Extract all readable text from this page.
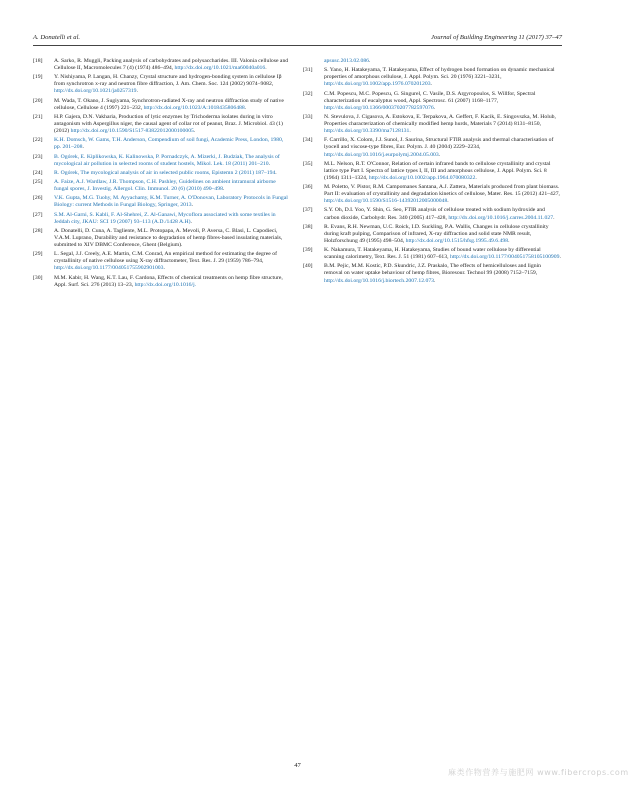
A. Donatelli et al.	Journal of Building Engineering 11 (2017) 37–47
[18] A. Sarko, R. Muggli, Packing analysis of carbohydrates and polysaccharides. III. Valonia cellulose and Cellulose II, Macromolecules 7 (4) (1974) 486–494, http://dx.doi.org/10.1021/ma60040a016.
[19] Y. Nishiyama, P. Langan, H. Chanzy, Crystal structure and hydrogen-bonding system in cellulose Iβ from synchrotron x-ray and neutron fibre diffraction, J. Am. Chem. Soc. 124 (2002) 9074–9082, http://dx.doi.org/10.1021/ja0257319.
[20] M. Wada, T. Okano, J. Sugiyama, Synchrotron-radiated X-ray and neutron diffraction study of native cellulose, Cellulose 4 (1997) 221–232, http://dx.doi.org/10.1023/A:1018435806488.
[21] H.P. Gajera, D.N. Vakharia, Production of lytic enzymes by Trichoderma isolates during in vitro antagonism with Aspergillus niger, the causal agent of collar rot of peanut, Braz. J. Microbiol. 43 (1) (2012) http://dx.doi.org/10.1590/S1517-83822012000100005.
[22] K.H. Domsch, W. Gams, T.H. Anderson, Compendium of soil fungi, Academic Press, London, 1980, pp. 201–208.
[23] B. Ogórek, E. Kiplikowska, K. Kalinowska, P. Pornadczyk, A. Mizerki, J. Budziak, The analysis of mycological air pollution in selected rooms of student hostels, Mikol. Lek. 18 (2011) 201–210.
[24] R. Ogórek, The mycological analysis of air in selected public rooms, Epistemn 2 (2011) 187–194.
[25] A. Faize, A.J. Wardlaw, J.R. Thompson, C.H. Pashley, Guidelines on ambient intramural airborne fungal spores, J. Investig. Allergol. Clin. Immunol. 20 (6) (2010) 490–498.
[26] V.K. Gupta, M.G. Tuohy, M. Ayyachamy, K.M. Turner, A. O'Donovan, Laboratory Protocols in Fungal Biology: current Methods in Fungal Biology, Springer, 2013.
[27] S.M. Al-Garni, S. Kabli, F. Al-Shehrei, Z. Al-Ganawi, Mycoflora associated with some textiles in Jeddah city, JKAU: SCI 19 (2007) 93–113 (A.D./1428 A.H).
[28] A. Donatelli, D. Cuna, A. Tagliente, M.L. Protopapa, A. Mevoli, P. Aversa, C. Blasi, L. Capodieci, V.A.M. Luprano, Durability and resistance to degradation of hemp fibres-based insulating materials, submitted to XIV DBMC Conference, Ghent (Belgium).
[29] L. Segal, J.J. Creely, A.E. Martin, C.M. Conrad, An empirical method for estimating the degree of crystallinity of native cellulose using X-ray diffractometer, Text. Res. J. 29 (1959) 786–794, http://dx.doi.org/10.1177/004051755902901003.
[30] M.M. Kabir, H. Wang, K.T. Lau, F. Cardona, Effects of chemical treatments on hemp fibre structure, Appl. Surf. Sci. 276 (2013) 13–23, http://dx.doi.org/10.1016/j.
apsusc.2013.02.086.
[31] S. Yano, H. Hatakeyama, T. Hatakeyama, Effect of hydrogen bond formation on dynamic mechanical properties of amorphous cellulose, J. Appl. Polym. Sci. 20 (1976) 3221–3231, http://dx.doi.org/10.1002/app.1976.070201203.
[32] C.M. Popescu, M.C. Popescu, G. Singurel, C. Vasile, D.S. Argyropoulos, S. Willfor, Spectral characterization of eucalyptus wood, Appl. Spectrosc. 61 (2007) 1168–1177, http://dx.doi.org/10.1366/000370207782597076.
[33] N. Stevulova, J. Cigasova, A. Estokova, E. Terpakova, A. Geffert, F. Kacik, E. Singovszka, M. Holub, Properties characterization of chemically modified hemp hurds, Materials 7 (2014) 8131–8150, http://dx.doi.org/10.3390/ma7128131.
[34] F. Carrillo, X. Colom, J.J. Sunol, J. Saurina, Structural FTIR analysis and thermal characterisation of lyocell and viscose-type fibres, Eur. Polym. J. 40 (2004) 2229–2234, http://dx.doi.org/10.1016/j.eurpolymj.2004.05.003.
[35] M.L. Nelson, R.T. O'Connor, Relation of certain infrared bands to cellulose crystallinity and crystal lattice type Part I. Spectra of lattice types I, II, III and amorphous cellulose, J. Appl. Polym. Sci. 8 (1964) 1311–1324, http://dx.doi.org/10.1002/app.1964.070080322.
[36] M. Poletto, V. Pistor, R.M. Campomanes Santana, A.J. Zattera, Materials produced from plant biomass. Part II: evaluation of crystallinity and degradation kinetics of cellulose, Mater. Res. 15 (2012) 421–427, http://dx.doi.org/10.1590/S1516-14392012005000048.
[37] S.Y. Oh, D.I. Yoo, Y. Shin, G. Seo, FTIR analysis of cellulose treated with sodium hydroxide and carbon dioxide, Carbohydr. Res. 340 (2005) 417–428, http://dx.doi.org/10.1016/j.carres.2004.11.027.
[38] R. Evans, R.H. Newman, U.C. Roick, I.D. Suckling, P.A. Wallis, Changes in cellulose crystallinity during kraft pulping, Comparison of infrared, X-ray diffraction and solid state NMR result, Holzforschung 49 (1995) 498–504, http://dx.doi.org/10.1515/hfsg.1995.49.6.498.
[39] K. Nakamura, T. Hatakeyama, H. Hatakeyama, Studies of bound water cellulose by differential scanning calorimetry, Text. Res. J. 51 (1981) 607–613, http://dx.doi.org/10.1177/004051758105100909.
[40] B.M. Pejic, M.M. Kostic, P.D. Skundric, J.Z. Praskalo, The effects of hemicelluloses and lignin removal on water uptake behaviour of hemp fibres, Bioresour. Technol 99 (2008) 7152–7159, http://dx.doi.org/10.1016/j.biortech.2007.12.073.
47
麻类作物营养与施肥网 www.fibercrops.com
